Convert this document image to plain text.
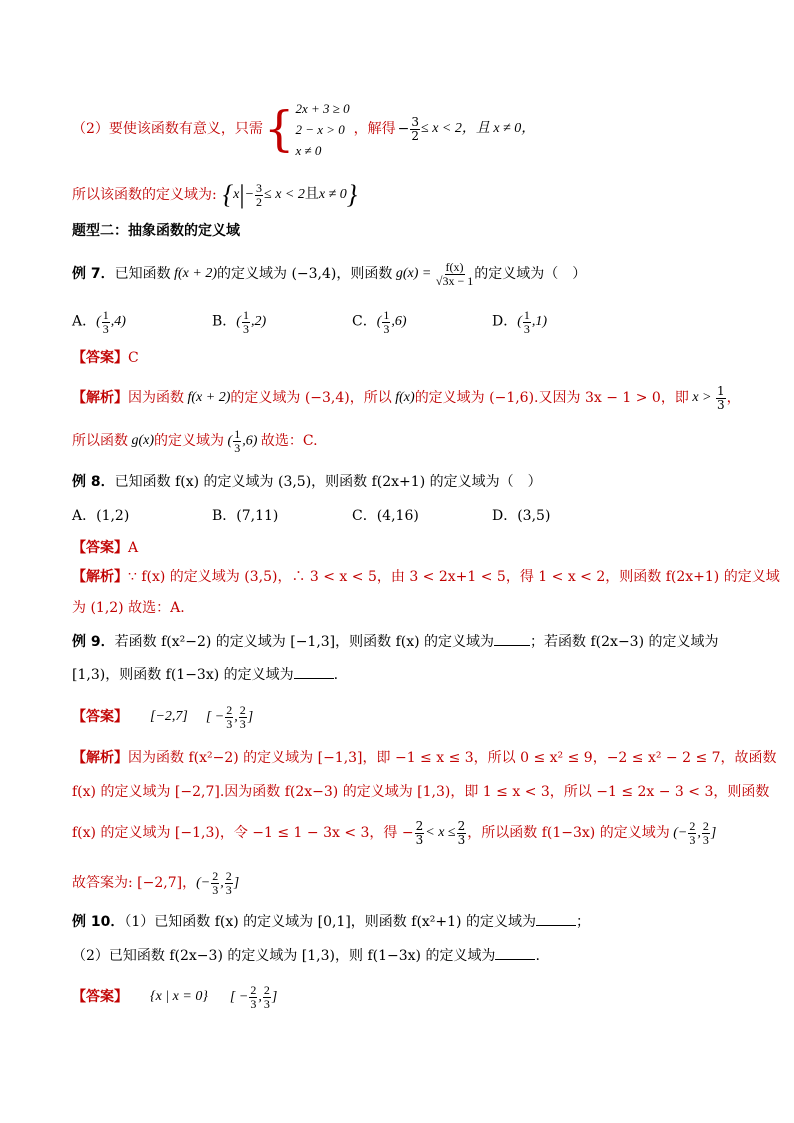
（2）要使该函数有意义，只需 { 2x + 3 ≥ 0
2 − x > 0
x ≠ 0
，解得 − $\frac{3}{2} \le x < 2$，且 x ≠ 0，
所以该函数的定义域为: { x | − $\frac{3}{2} \le x < 2$ 且 x ≠ 0 }
题型二：抽象函数的定义域
例 7． 已知函数 f(x + 2) 的定义域为 (−3,4)，则函数 $g(x) = \frac{f(x)}{√3x - 1}$ 的定义域为（　）
A．( $\frac{1}{3} ,4$)	B．( $\frac{1}{3} ,2$)	C．( $\frac{1}{3} ,6$)	D．( $\frac{1}{3} ,1$)
【答案】C
【解析】 因为函数 f(x + 2) 的定义域为 (−3,4)，所以 f(x) 的定义域为 (−1,6).又因为 3x − 1 > 0，即 $x > \frac{1}{3}$ ，
所以函数 g(x) 的定义域为 ( $\frac{1}{3} ,6$) 故选：C.
例 8．已知函数 f(x) 的定义域为 (3,5)，则函数 f(2x+1) 的定义域为（　）
A．(1,2)	B．(7,11)	C．(4,16)	D．(3,5)
【答案】A
【解析】∵ f(x) 的定义域为 (3,5)，∴ 3 < x < 5，由 3 < 2x+1 < 5，得 1 < x < 2，则函数 f(2x+1) 的定义域
为 (1,2) 故选：A.
例 9．若函数 f(x²−2) 的定义域为 [−1,3]，则函数 f(x) 的定义域为	；若函数 f(2x−3) 的定义域为
[1,3)，则函数 f(1−3x) 的定义域为	.
【答案】 [−2,7] [ − $\frac{2}{3}$ , $\frac{2}{3}$ ]
【解析】因为函数 f(x²−2) 的定义域为 [−1,3]，即 −1 ≤ x ≤ 3，所以 0 ≤ x² ≤ 9，−2 ≤ x² − 2 ≤ 7，故函数
f(x) 的定义域为 [−2,7].因为函数 f(2x−3) 的定义域为 [1,3)，即 1 ≤ x < 3，所以 −1 ≤ 2x − 3 < 3，则函数
f(x) 的定义域为 [−1,3)，令 −1 ≤ 1 − 3x < 3，得 − $\frac{2}{3} < x \le \frac{2}{3}$ ，所以函数 f(1−3x) 的定义域为 (− $\frac{2}{3}$ , $\frac{2}{3}$ ]
故答案为: [−2,7]， (− $\frac{2}{3}$ , $\frac{2}{3}$ ]
例 10．（1）已知函数 f(x) 的定义域为 [0,1]，则函数 f(x²+1) 的定义域为	；
（2）已知函数 f(2x−3) 的定义域为 [1,3)，则 f(1−3x) 的定义域为	.
【答案】 {x | x = 0} [ − $\frac{2}{3}$ , $\frac{2}{3}$ ]
